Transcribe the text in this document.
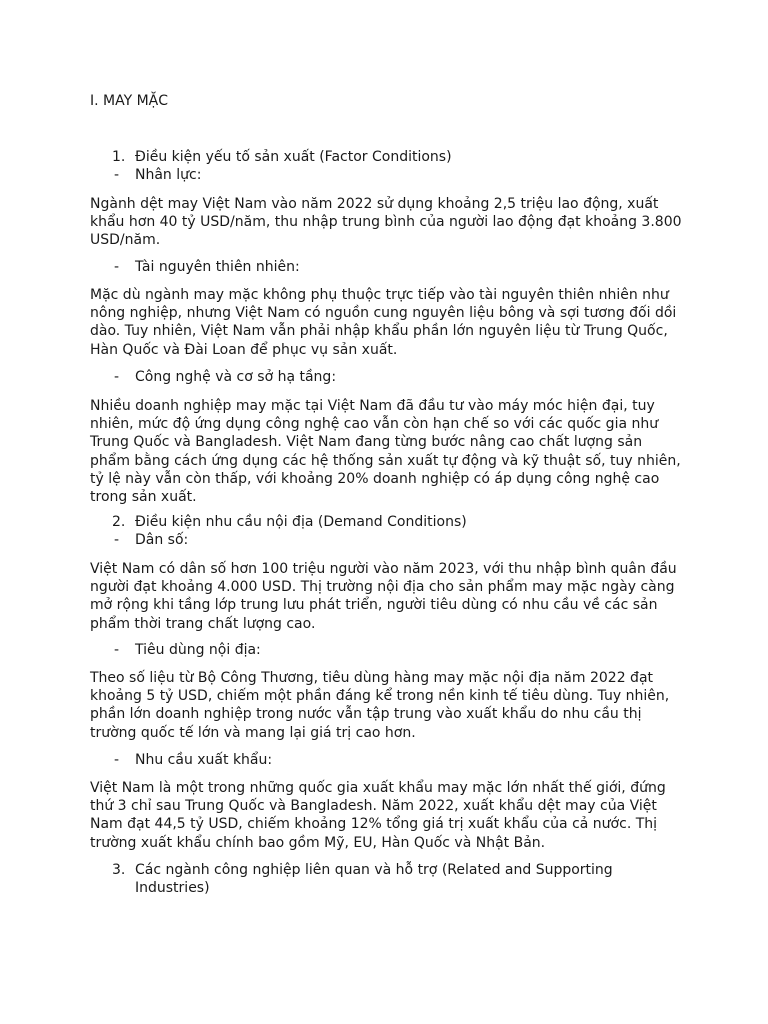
I. MAY MẶC
1. Điều kiện yếu tố sản xuất (Factor Conditions)
- Nhân lực:

Ngành dệt may Việt Nam vào năm 2022 sử dụng khoảng 2,5 triệu lao động, xuất
khẩu hơn 40 tỷ USD/năm, thu nhập trung bình của người lao động đạt khoảng 3.800
USD/năm.

- Tài nguyên thiên nhiên:

Mặc dù ngành may mặc không phụ thuộc trực tiếp vào tài nguyên thiên nhiên như
nông nghiệp, nhưng Việt Nam có nguồn cung nguyên liệu bông và sợi tương đối dồi
dào. Tuy nhiên, Việt Nam vẫn phải nhập khẩu phần lớn nguyên liệu từ Trung Quốc,
Hàn Quốc và Đài Loan để phục vụ sản xuất.

- Công nghệ và cơ sở hạ tầng:

Nhiều doanh nghiệp may mặc tại Việt Nam đã đầu tư vào máy móc hiện đại, tuy
nhiên, mức độ ứng dụng công nghệ cao vẫn còn hạn chế so với các quốc gia như
Trung Quốc và Bangladesh. Việt Nam đang từng bước nâng cao chất lượng sản
phẩm bằng cách ứng dụng các hệ thống sản xuất tự động và kỹ thuật số, tuy nhiên,
tỷ lệ này vẫn còn thấp, với khoảng 20% doanh nghiệp có áp dụng công nghệ cao
trong sản xuất.

2. Điều kiện nhu cầu nội địa (Demand Conditions)
- Dân số:

Việt Nam có dân số hơn 100 triệu người vào năm 2023, với thu nhập bình quân đầu
người đạt khoảng 4.000 USD. Thị trường nội địa cho sản phẩm may mặc ngày càng
mở rộng khi tầng lớp trung lưu phát triển, người tiêu dùng có nhu cầu về các sản
phẩm thời trang chất lượng cao.

- Tiêu dùng nội địa:

Theo số liệu từ Bộ Công Thương, tiêu dùng hàng may mặc nội địa năm 2022 đạt
khoảng 5 tỷ USD, chiếm một phần đáng kể trong nền kinh tế tiêu dùng. Tuy nhiên,
phần lớn doanh nghiệp trong nước vẫn tập trung vào xuất khẩu do nhu cầu thị
trường quốc tế lớn và mang lại giá trị cao hơn.

- Nhu cầu xuất khẩu:

Việt Nam là một trong những quốc gia xuất khẩu may mặc lớn nhất thế giới, đứng
thứ 3 chỉ sau Trung Quốc và Bangladesh. Năm 2022, xuất khẩu dệt may của Việt
Nam đạt 44,5 tỷ USD, chiếm khoảng 12% tổng giá trị xuất khẩu của cả nước. Thị
trường xuất khẩu chính bao gồm Mỹ, EU, Hàn Quốc và Nhật Bản.

3. Các ngành công nghiệp liên quan và hỗ trợ (Related and Supporting
Industries)
